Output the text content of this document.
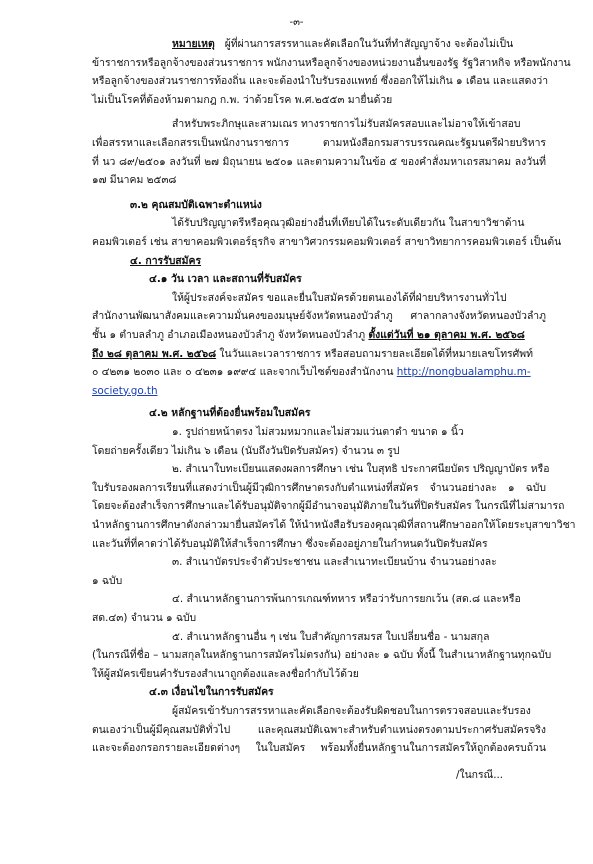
-๓-
หมายเหตุ ผู้ที่ผ่านการสรรหาและคัดเลือกในวันที่ทำสัญญาจ้าง จะต้องไม่เป็น
ข้าราชการหรือลูกจ้างของส่วนราชการ พนักงานหรือลูกจ้างของหน่วยงานอื่นของรัฐ รัฐวิสาหกิจ หรือพนักงาน
หรือลูกจ้างของส่วนราชการท้องถิ่น และจะต้องนำใบรับรองแพทย์ ซึ่งออกให้ไม่เกิน ๑ เดือน และแสดงว่า
ไม่เป็นโรคที่ต้องห้ามตามกฎ ก.พ. ว่าด้วยโรค พ.ศ.๒๕๕๓ มายื่นด้วย
สำหรับพระภิกษุและสามเณร ทางราชการไม่รับสมัครสอบและไม่อาจให้เข้าสอบ
เพื่อสรรหาและเลือกสรรเป็นพนักงานราชการ ตามหนังสือกรมสารบรรณคณะรัฐมนตรีฝ่ายบริหาร
ที่ นว ๘๙/๒๕๐๑ ลงวันที่ ๒๗ มิถุนายน ๒๕๐๑ และตามความในข้อ ๕ ของคำสั่งมหาเถรสมาคม ลงวันที่
๑๗ มีนาคม ๒๕๓๘
๓.๒ คุณสมบัติเฉพาะตำแหน่ง
ได้รับปริญญาตรีหรือคุณวุฒิอย่างอื่นที่เทียบได้ในระดับเดียวกัน ในสาขาวิชาด้าน
คอมพิวเตอร์ เช่น สาขาคอมพิวเตอร์ธุรกิจ สาขาวิศวกรรมคอมพิวเตอร์ สาขาวิทยาการคอมพิวเตอร์ เป็นต้น
๔. การรับสมัคร
๔.๑ วัน เวลา และสถานที่รับสมัคร
ให้ผู้ประสงค์จะสมัคร ขอและยื่นใบสมัครด้วยตนเองได้ที่ฝ่ายบริหารงานทั่วไป
สำนักงานพัฒนาสังคมและความมั่นคงของมนุษย์จังหวัดหนองบัวลำภู ศาลากลางจังหวัดหนองบัวลำภู
ชั้น ๑ ตำบลลำภู อำเภอเมืองหนองบัวลำภู จังหวัดหนองบัวลำภู ตั้งแต่วันที่ ๒๑ ตุลาคม พ.ศ. ๒๕๖๘
ถึง ๒๘ ตุลาคม พ.ศ. ๒๕๖๘ ในวันและเวลาราชการ หรือสอบถามรายละเอียดได้ที่หมายเลขโทรศัพท์
๐ ๔๒๓๑ ๒๐๓๐ และ ๐ ๔๒๓๑ ๑๙๙๔ และจากเว็บไซต์ของสำนักงาน http://nongbualamphu.m-
society.go.th
๔.๒ หลักฐานที่ต้องยื่นพร้อมใบสมัคร
๑. รูปถ่ายหน้าตรง ไม่สวมหมวกและไม่สวมแว่นตาดำ ขนาด ๑ นิ้ว
โดยถ่ายครั้งเดียว ไม่เกิน ๖ เดือน (นับถึงวันปิดรับสมัคร) จำนวน ๓ รูป
๒. สำเนาใบทะเบียนแสดงผลการศึกษา เช่น ใบสุทธิ ประกาศนียบัตร ปริญญาบัตร หรือ
ใบรับรองผลการเรียนที่แสดงว่าเป็นผู้มีวุฒิการศึกษาตรงกับตำแหน่งที่สมัคร จำนวนอย่างละ ๑ ฉบับ
โดยจะต้องสำเร็จการศึกษาและได้รับอนุมัติจากผู้มีอำนาจอนุมัติภายในวันที่ปิดรับสมัคร ในกรณีที่ไม่สามารถ
นำหลักฐานการศึกษาดังกล่าวมายื่นสมัครได้ ให้นำหนังสือรับรองคุณวุฒิที่สถานศึกษาออกให้โดยระบุสาขาวิชา
และวันที่ที่คาดว่าได้รับอนุมัติให้สำเร็จการศึกษา ซึ่งจะต้องอยู่ภายในกำหนดวันปิดรับสมัคร
๓. สำเนาบัตรประจำตัวประชาชน และสำเนาทะเบียนบ้าน จำนวนอย่างละ
๑ ฉบับ
๔. สำเนาหลักฐานการพ้นการเกณฑ์ทหาร หรือว่ารับการยกเว้น (สด.๘ และหรือ
สด.๔๓) จำนวน ๑ ฉบับ
๕. สำเนาหลักฐานอื่น ๆ เช่น ใบสำคัญการสมรส ใบเปลี่ยนชื่อ - นามสกุล
(ในกรณีที่ชื่อ – นามสกุลในหลักฐานการสมัครไม่ตรงกัน) อย่างละ ๑ ฉบับ ทั้งนี้ ในสำเนาหลักฐานทุกฉบับ
ให้ผู้สมัครเขียนคำรับรองสำเนาถูกต้องและลงชื่อกำกับไว้ด้วย
๔.๓ เงื่อนไขในการรับสมัคร
ผู้สมัครเข้ารับการสรรหาและคัดเลือกจะต้องรับผิดชอบในการตรวจสอบและรับรอง
ตนเองว่าเป็นผู้มีคุณสมบัติทั่วไป และคุณสมบัติเฉพาะสำหรับตำแหน่งตรงตามประกาศรับสมัครจริง
และจะต้องกรอกรายละเอียดต่างๆ ในใบสมัคร พร้อมทั้งยื่นหลักฐานในการสมัครให้ถูกต้องครบถ้วน
/ในกรณี...
